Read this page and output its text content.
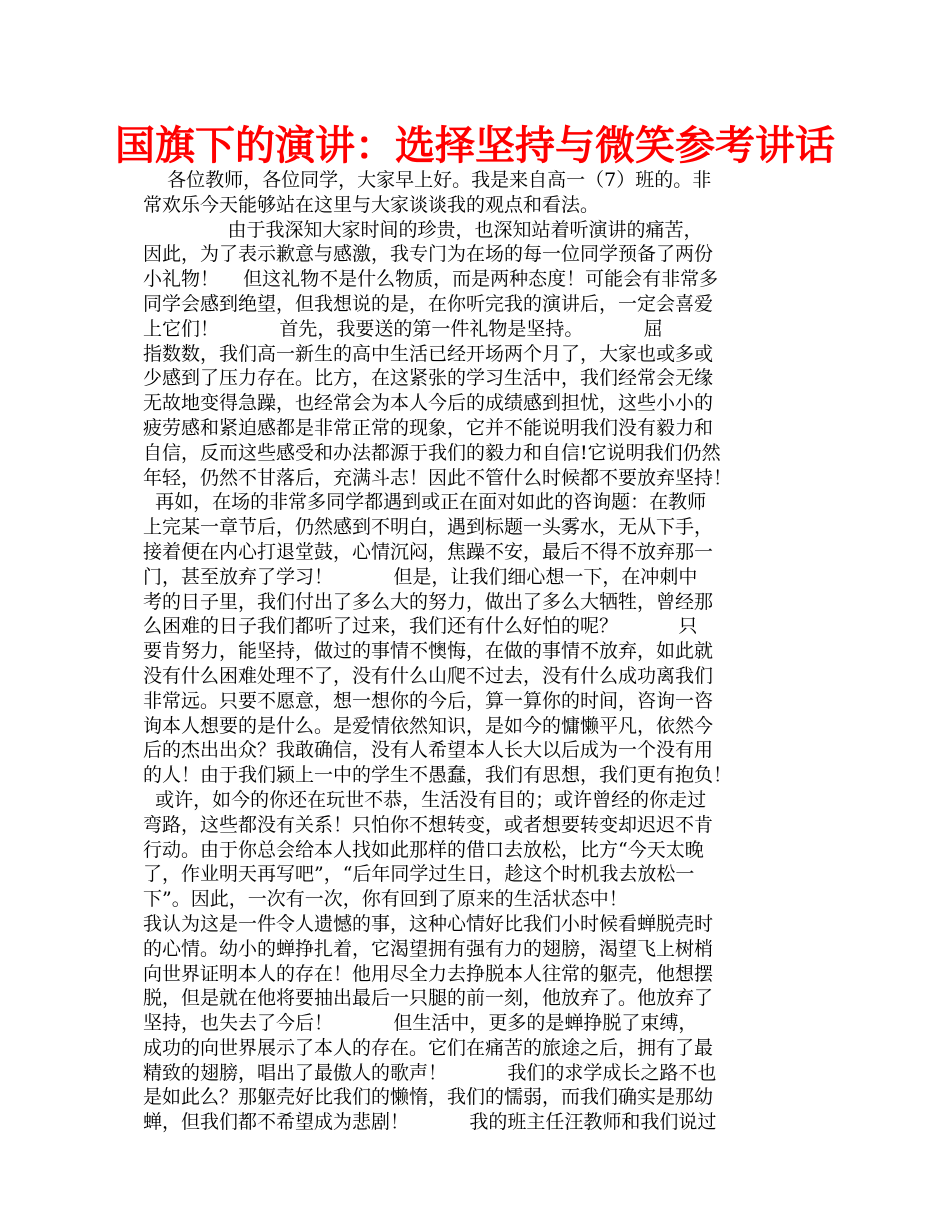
国旗下的演讲：选择坚持与微笑参考讲话
各位教师，各位同学，大家早上好。我是来自高一（7）班的。非
常欢乐今天能够站在这里与大家谈谈我的观点和看法。
由于我深知大家时间的珍贵，也深知站着听演讲的痛苦，
因此，为了表示歉意与感激，我专门为在场的每一位同学预备了两份
小礼物！    但这礼物不是什么物质，而是两种态度！可能会有非常多
同学会感到绝望，但我想说的是，在你听完我的演讲后，一定会喜爱
上它们！          首先，我要送的第一件礼物是坚持。          屈
指数数，我们高一新生的高中生活已经开场两个月了，大家也或多或
少感到了压力存在。比方，在这紧张的学习生活中，我们经常会无缘
无故地变得急躁，也经常会为本人今后的成绩感到担忧，这些小小的
疲劳感和紧迫感都是非常正常的现象，它并不能说明我们没有毅力和
自信，反而这些感受和办法都源于我们的毅力和自信!它说明我们仍然
年轻，仍然不甘落后，充满斗志！因此不管什么时候都不要放弃坚持！
再如，在场的非常多同学都遇到或正在面对如此的咨询题：在教师
上完某一章节后，仍然感到不明白，遇到标题一头雾水，无从下手，
接着便在内心打退堂鼓，心情沉闷，焦躁不安，最后不得不放弃那一
门，甚至放弃了学习！          但是，让我们细心想一下，在冲刺中
考的日子里，我们付出了多么大的努力，做出了多么大牺牲，曾经那
么困难的日子我们都听了过来，我们还有什么好怕的呢？          只
要肯努力，能坚持，做过的事情不懊悔，在做的事情不放弃，如此就
没有什么困难处理不了，没有什么山爬不过去，没有什么成功离我们
非常远。只要不愿意，想一想你的今后，算一算你的时间，咨询一咨
询本人想要的是什么。是爱情依然知识，是如今的慵懒平凡，依然今
后的杰出出众？我敢确信，没有人希望本人长大以后成为一个没有用
的人！由于我们颍上一中的学生不愚蠢，我们有思想，我们更有抱负！
或许，如今的你还在玩世不恭，生活没有目的；或许曾经的你走过
弯路，这些都没有关系！只怕你不想转变，或者想要转变却迟迟不肯
行动。由于你总会给本人找如此那样的借口去放松，比方“今天太晚
了，作业明天再写吧”，“后年同学过生日，趁这个时机我去放松一
下”。因此，一次有一次，你有回到了原来的生活状态中！
我认为这是一件令人遗憾的事，这种心情好比我们小时候看蝉脱壳时
的心情。幼小的蝉挣扎着，它渴望拥有强有力的翅膀，渴望飞上树梢
向世界证明本人的存在！他用尽全力去挣脱本人往常的躯壳，他想摆
脱，但是就在他将要抽出最后一只腿的前一刻，他放弃了。他放弃了
坚持，也失去了今后！          但生活中，更多的是蝉挣脱了束缚，
成功的向世界展示了本人的存在。它们在痛苦的旅途之后，拥有了最
精致的翅膀，唱出了最傲人的歌声！          我们的求学成长之路不也
是如此么？那躯壳好比我们的懒惰，我们的懦弱，而我们确实是那幼
蝉，但我们都不希望成为悲剧！          我的班主任汪教师和我们说过
